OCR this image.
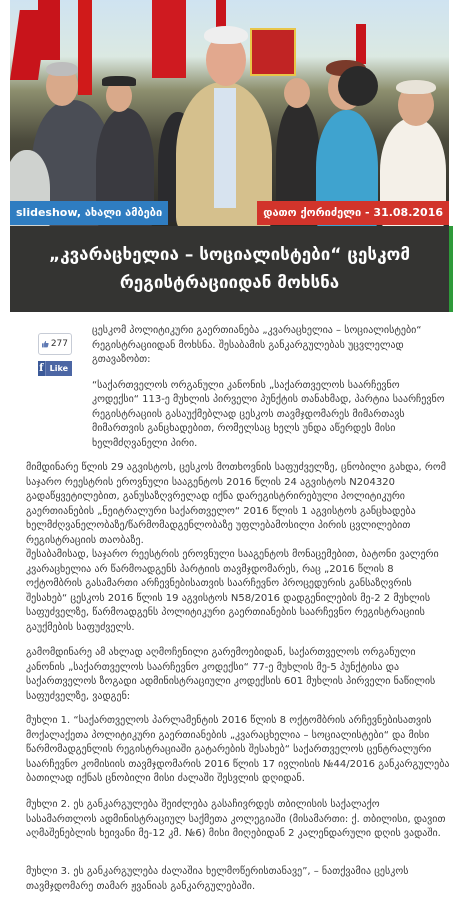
slideshow, ახალი ამბები	დათო ქორიძელი - 31.08.2016
„კვარაცხელია – სოციალისტები“ ცესკომ რეგისტრაციიდან მოხსნა
277
f Like

ცესკომ პოლიტიკური გაერთიანება „კვარაცხელია – სოციალისტები“ რეგისტრაციიდან მოხსნა. შესაბამის განკარგულებას უცვლელად გთავაზობთ:

“საქართველოს ორგანული კანონის „საქართველოს საარჩევნო კოდექსი“ 113-ე მუხლის პირველი პუნქტის თანახმად, პარტია საარჩევნო რეგისტრაციის გასაუქმებლად ცესკოს თავმჯდომარეს მიმართავს მიმართვის განცხადებით, რომელსაც ხელს უნდა აწერდეს მისი ხელმძღვანელი პირი.

მიმდინარე წლის 29 აგვისტოს, ცესკოს მოთხოვნის საფუძველზე, ცნობილი გახდა, რომ საჯარო რეესტრის ეროვნული სააგენტოს 2016 წლის 24 აგვისტოს N204320 გადაწყვეტილებით, განუსაზღვრელად იქნა დარეგისტრირებული პოლიტიკური გაერთიანების „ნეიტრალური საქართველო“ 2016 წლის 1 აგვისტოს განცხადება ხელმძღვანელობაზე/წარმომადგენლობაზე უფლებამოსილი პირის ცვლილებით რეგისტრაციის თაობაზე.
შესაბამისად, საჯარო რეესტრის ეროვნული სააგენტოს მონაცემებით, ბატონი ვალერი კვარაცხელია არ წარმოადგენს პარტიის თავმჯდომარეს, რაც „2016 წლის 8 ოქტომბრის გასამართი არჩევნებისათვის საარჩევნო პროცედურის განსაზღვრის შესახებ“ ცესკოს 2016 წლის 19 აგვისტოს N58/2016 დადგენილების მე-2 2 მუხლის საფუძველზე, წარმოადგენს პოლიტიკური გაერთიანების საარჩევნო რეგისტრაციის გაუქმების საფუძველს.
გამომდინარე ამ ახლად აღმოჩენილი გარემოებიდან, საქართველოს ორგანული კანონის „საქართველოს საარჩევნო კოდექსი“ 77-ე მუხლის მე-5 პუნქტისა და საქართველოს ზოგადი ადმინისტრაციული კოდექსის 601 მუხლის პირველი ნაწილის საფუძველზე, ვადგენ:
მუხლი 1. “საქართველოს პარლამენტის 2016 წლის 8 ოქტომბრის არჩევნებისათვის მოქალაქეთა პოლიტიკური გაერთიანების „კვარაცხელია – სოციალისტები“ და მისი წარმომადგენლის რეგისტრაციაში გატარების შესახებ“ საქართველოს ცენტრალური საარჩევნო კომისიის თავმჯდომარის 2016 წლის 17 ივლისის №44/2016 განკარგულება ბათილად იქნას ცნობილი მისი ძალაში შესვლის დღიდან.
მუხლი 2. ეს განკარგულება შეიძლება გასაჩივრდეს თბილისის საქალაქო სასამართლოს ადმინისტრაციულ საქმეთა კოლეგიაში (მისამართი: ქ. თბილისი, დავით აღმაშენებლის ხეივანი მე-12 კმ. №6) მისი მიღებიდან 2 კალენდარული დღის ვადაში.
მუხლი 3. ეს განკარგულება ძალაშია ხელმოწერისთანავე”, – ნათქვამია ცესკოს თავმჯდომარე თამარ ჟვანიას განკარგულებაში.
